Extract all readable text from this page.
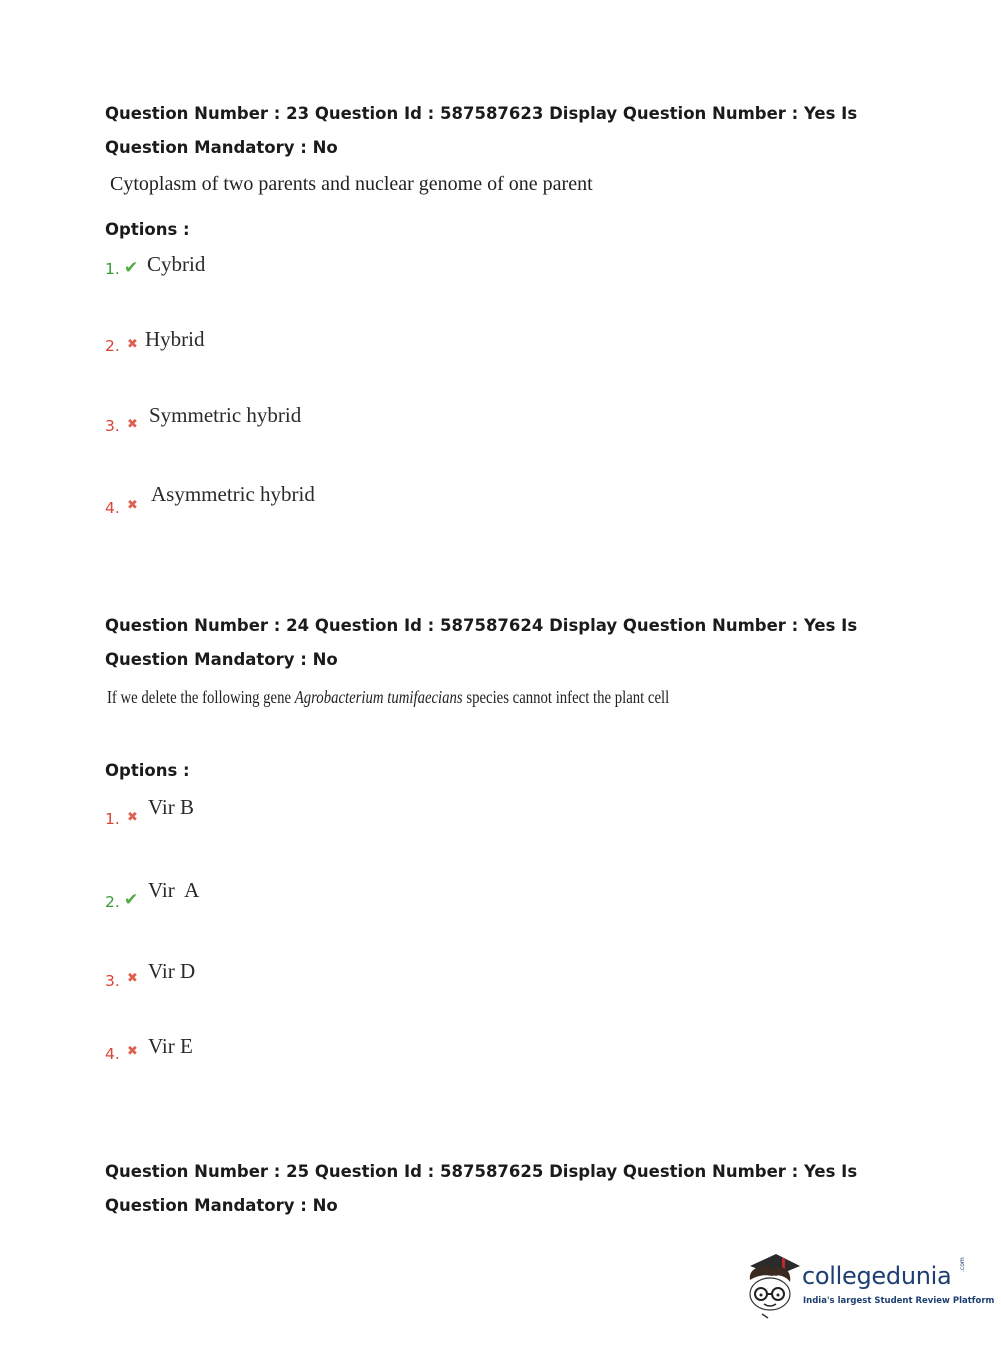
Question Number : 23 Question Id : 587587623 Display Question Number : Yes Is Question Mandatory : No
Cytoplasm of two parents and nuclear genome of one parent
Options :
1. ✔ Cybrid
2. ✖ Hybrid
3. ✖ Symmetric hybrid
4. ✖ Asymmetric hybrid
Question Number : 24 Question Id : 587587624 Display Question Number : Yes Is Question Mandatory : No
If we delete the following gene Agrobacterium tumifaecians species cannot infect the plant cell
Options :
1. ✖ Vir B
2. ✔ Vir  A
3. ✖ Vir D
4. ✖ Vir E
Question Number : 25 Question Id : 587587625 Display Question Number : Yes Is Question Mandatory : No
collegedunia .com
India's largest Student Review Platform
